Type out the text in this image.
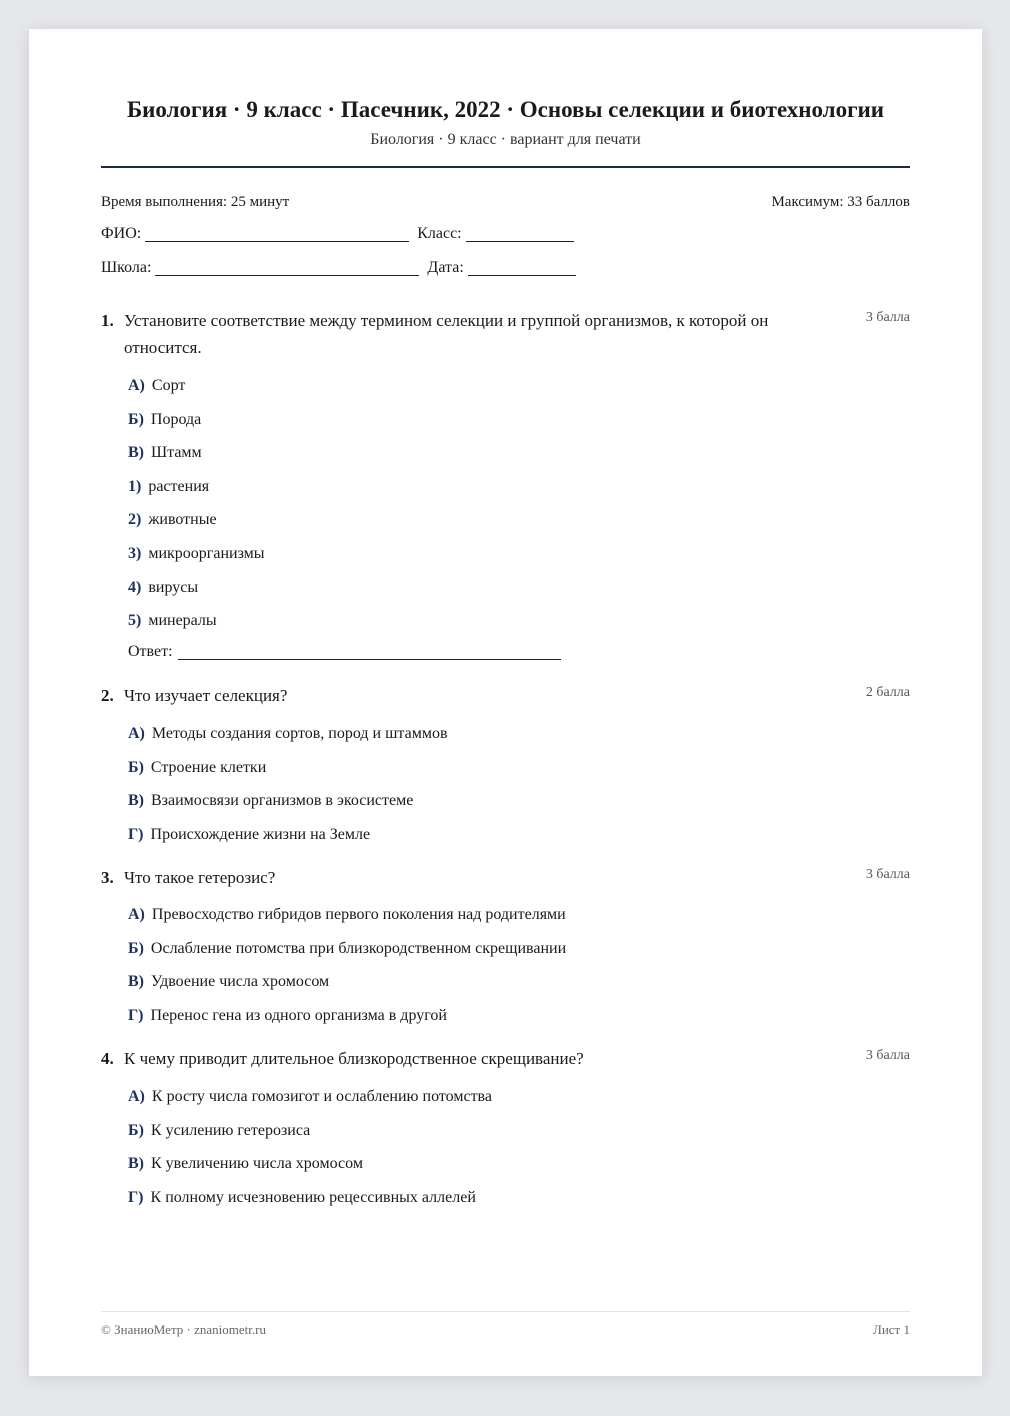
Биология · 9 класс · Пасечник, 2022 · Основы селекции и биотехнологии
Биология · 9 класс · вариант для печати
Время выполнения: 25 минут	Максимум: 33 баллов
ФИО:	Класс:
Школа:	Дата:
1. Установите соответствие между термином селекции и группой организмов, к которой он относится.
3 балла
А) Сорт
Б) Порода
В) Штамм
1) растения
2) животные
3) микроорганизмы
4) вирусы
5) минералы
Ответ:
2. Что изучает селекция?	2 балла
А) Методы создания сортов, пород и штаммов
Б) Строение клетки
В) Взаимосвязи организмов в экосистеме
Г) Происхождение жизни на Земле
3. Что такое гетерозис?	3 балла
А) Превосходство гибридов первого поколения над родителями
Б) Ослабление потомства при близкородственном скрещивании
В) Удвоение числа хромосом
Г) Перенос гена из одного организма в другой
4. К чему приводит длительное близкородственное скрещивание?	3 балла
А) К росту числа гомозигот и ослаблению потомства
Б) К усилению гетерозиса
В) К увеличению числа хромосом
Г) К полному исчезновению рецессивных аллелей
© ЗнаниоМетр · znaniometr.ru	Лист 1
